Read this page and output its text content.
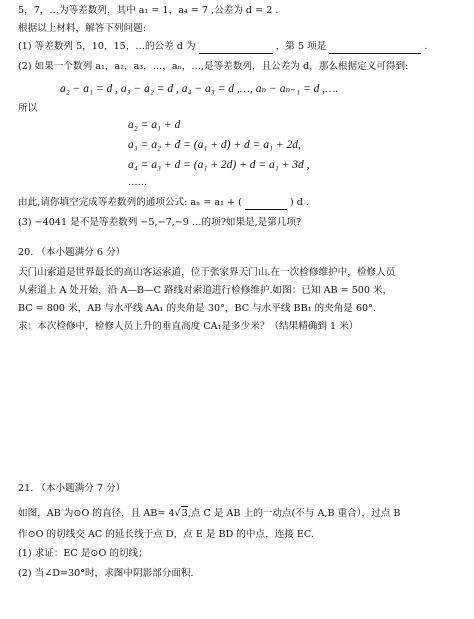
5，7，…为等差数列，其中 a₁ = 1，a₄ = 7 ,公差为 d = 2 .
根据以上材料，解答下列问题:
(1) 等差数列 5，10，15，…的公差 d 为	，第 5 项是	.
(2) 如果一个数列 a₁，a₂，a₃，…，aₙ，…,是等差数列，且公差为 d，那么根据定义可得到:
a₂ − a₁ = d , a₃ − a₂ = d , a₄ − a₃ = d ,…, aₙ − aₙ₋₁ = d ,….
所以
a₂ = a₁ + d
a₃ = a₂ + d = (a₁ + d) + d = a₁ + 2d,
a₄ = a₃ + d = (a₁ + 2d) + d = a₁ + 3d ,
……
由此,请你填空完成等差数列的通项公式: aₙ = a₁ + (	) d .
(3) −4041 是不是等差数列 −5,−7,−9 …的项?如果是,是第几项?
20. （本小题满分 6 分）
天门山索道是世界最长的高山客运索道，位于张家界天门山.在一次检修维护中，检修人员
从索道上 A 处开始，沿 A—B—C 路线对索道进行检修维护.如图：已知 AB = 500 米，
BC = 800 米，AB 与水平线 AA₁ 的夹角是 30°，BC 与水平线 BB₁ 的夹角是 60°.
求：本次检修中，检修人员上升的垂直高度 CA₁是多少米？（结果精确到 1 米）
21. （本小题满分 7 分）
如图，AB 为⊙O 的直径，且 AB= 4√3,点 C 是 AB 上的一动点(不与 A,B 重合），过点 B
作⊙O 的切线交 AC 的延长线于点 D，点 E 是 BD 的中点，连接 EC.
(1) 求证：EC 是⊙O 的切线；
(2) 当∠D=30°时，求图中阴影部分面积.
